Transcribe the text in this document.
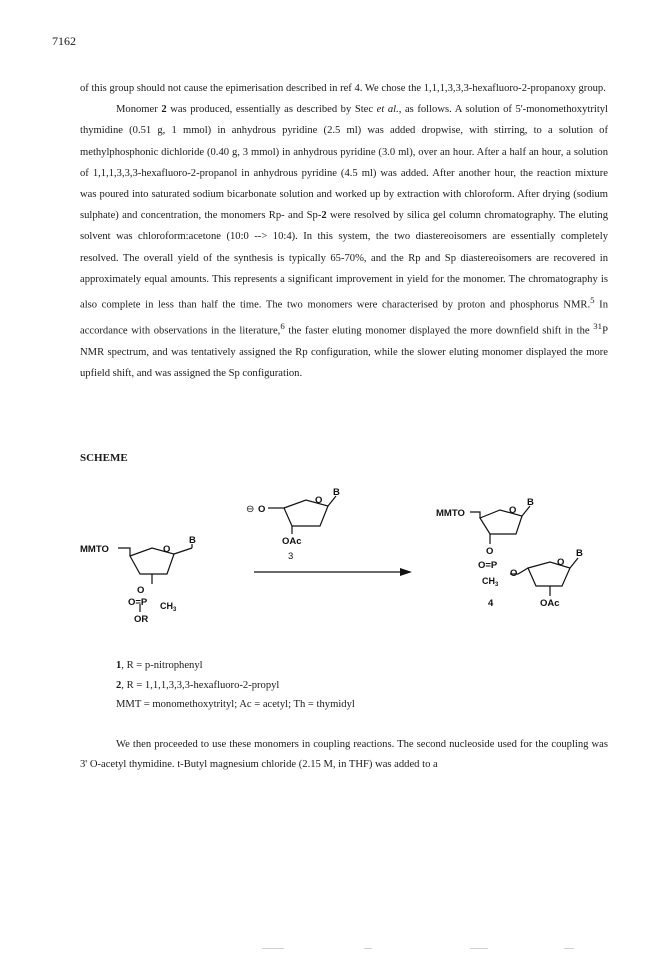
7162

of this group should not cause the epimerisation described in ref 4. We chose the 1,1,1,3,3,3-hexafluoro-2-propanoxy group.

Monomer 2 was produced, essentially as described by Stec et al., as follows. A solution of 5'-monomethoxytrityl thymidine (0.51 g, 1 mmol) in anhydrous pyridine (2.5 ml) was added dropwise, with stirring, to a solution of methylphosphonic dichloride (0.40 g, 3 mmol) in anhydrous pyridine (3.0 ml), over an hour. After a half an hour, a solution of 1,1,1,3,3,3-hexafluoro-2-propanol in anhydrous pyridine (4.5 ml) was added. After another hour, the reaction mixture was poured into saturated sodium bicarbonate solution and worked up by extraction with chloroform. After drying (sodium sulphate) and concentration, the monomers Rp- and Sp-2 were resolved by silica gel column chromatography. The eluting solvent was chloroform:acetone (10:0 --> 10:4). In this system, the two diastereoisomers are essentially completely resolved. The overall yield of the synthesis is typically 65-70%, and the Rp and Sp diastereoisomers are recovered in approximately equal amounts. This represents a significant improvement in yield for the monomer. The chromatography is also complete in less than half the time. The two monomers were characterised by proton and phosphorus NMR.$^5$ In accordance with observations in the literature,$^6$ the faster eluting monomer displayed the more downfield shift in the $^{31}$P NMR spectrum, and was tentatively assigned the Rp configuration, while the slower eluting monomer displayed the more upfield shift, and was assigned the Sp configuration.

SCHEME
MMTO	O
B
O
O=P $CH_3$
OR
⊖ O
O
B
OAc
3
MMTO	O
B
O
O=P
O
$CH_3$
O
B
OAc
4
1, R = p-nitrophenyl
2, R = 1,1,1,3,3,3-hexafluoro-2-propyl
MMT = monomethoxytrityl; Ac = acetyl; Th = thymidyl

We then proceeded to use these monomers in coupling reactions. The second nucleoside used for the coupling was 3' O-acetyl thymidine. t-Butyl magnesium chloride (2.15 M, in THF) was added to a
